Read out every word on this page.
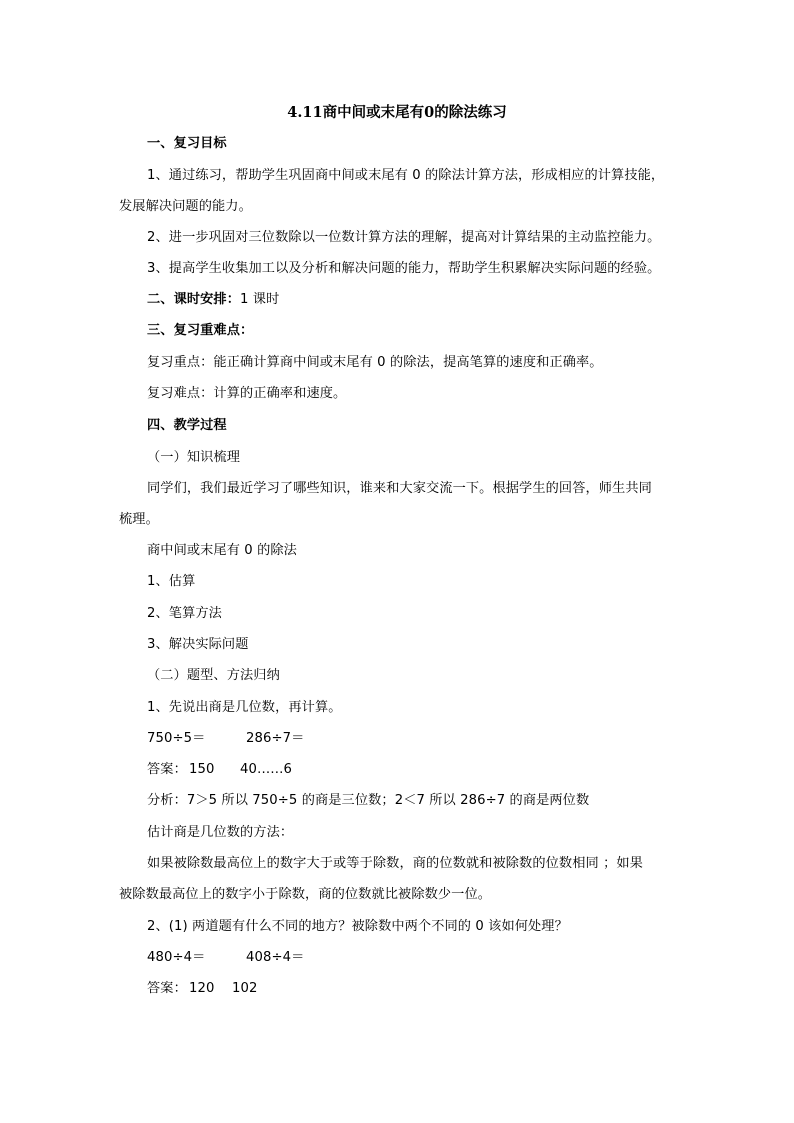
4.11商中间或末尾有0的除法练习
一、复习目标
1、通过练习，帮助学生巩固商中间或末尾有 0 的除法计算方法，形成相应的计算技能，
发展解决问题的能力。
2、进一步巩固对三位数除以一位数计算方法的理解，提高对计算结果的主动监控能力。
3、提高学生收集加工以及分析和解决问题的能力，帮助学生积累解决实际问题的经验。
二、课时安排：1 课时
三、复习重难点：
复习重点：能正确计算商中间或末尾有 0 的除法，提高笔算的速度和正确率。
复习难点：计算的正确率和速度。
四、教学过程
（一）知识梳理
同学们，我们最近学习了哪些知识，谁来和大家交流一下。根据学生的回答，师生共同
梳理。
商中间或末尾有 0 的除法
1、估算
2、笔算方法
3、解决实际问题
（二）题型、方法归纳
1、先说出商是几位数，再计算。
750÷5＝	286÷7＝
答案： 150 40……6
分析：7＞5 所以 750÷5 的商是三位数；2＜7 所以 286÷7 的商是两位数
估计商是几位数的方法：
如果被除数最高位上的数字大于或等于除数，商的位数就和被除数的位数相同 ；如果
被除数最高位上的数字小于除数，商的位数就比被除数少一位。
2、(1) 两道题有什么不同的地方？被除数中两个不同的 0 该如何处理？
480÷4＝	408÷4＝
答案： 120 102
